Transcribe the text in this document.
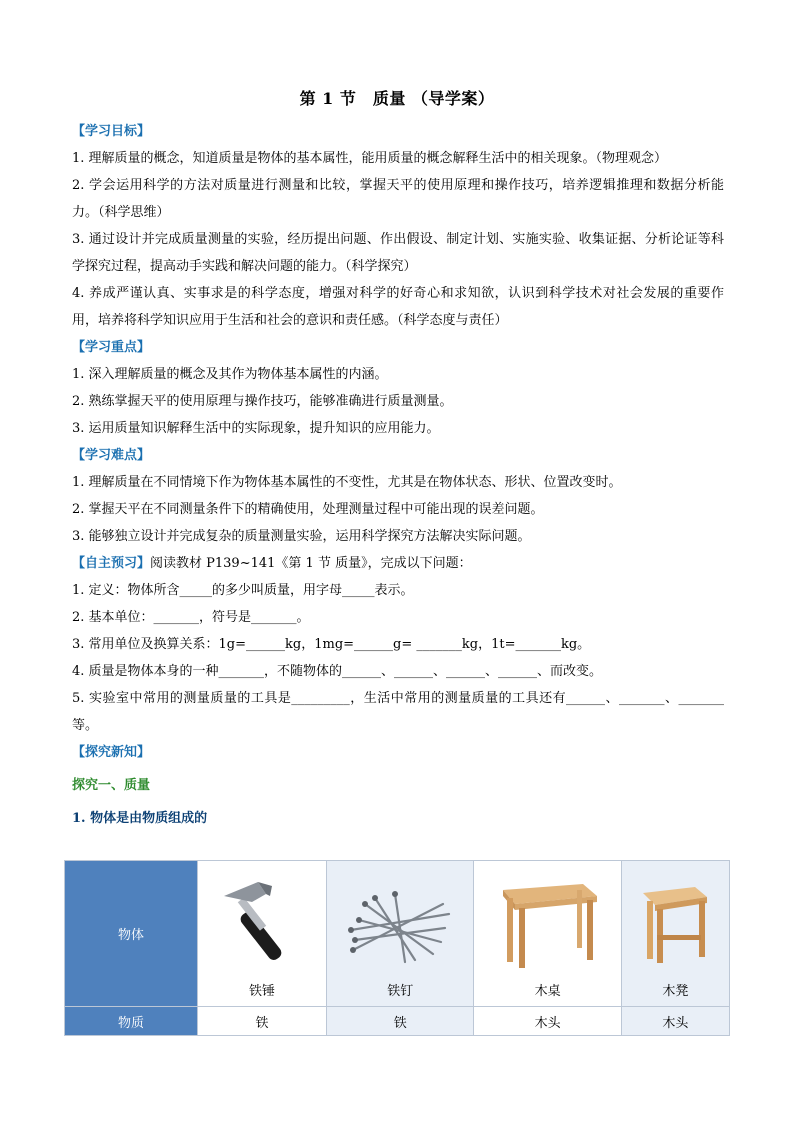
第 1 节　质量 （导学案）
【学习目标】
1. 理解质量的概念，知道质量是物体的基本属性，能用质量的概念解释生活中的相关现象。（物理观念）
2. 学会运用科学的方法对质量进行测量和比较，掌握天平的使用原理和操作技巧，培养逻辑推理和数据分析能力。（科学思维）
3. 通过设计并完成质量测量的实验，经历提出问题、作出假设、制定计划、实施实验、收集证据、分析论证等科学探究过程，提高动手实践和解决问题的能力。（科学探究）
4. 养成严谨认真、实事求是的科学态度，增强对科学的好奇心和求知欲，认识到科学技术对社会发展的重要作用，培养将科学知识应用于生活和社会的意识和责任感。（科学态度与责任）
【学习重点】
1. 深入理解质量的概念及其作为物体基本属性的内涵。
2. 熟练掌握天平的使用原理与操作技巧，能够准确进行质量测量。
3. 运用质量知识解释生活中的实际现象，提升知识的应用能力。
【学习难点】
1. 理解质量在不同情境下作为物体基本属性的不变性，尤其是在物体状态、形状、位置改变时。
2. 掌握天平在不同测量条件下的精确使用，处理测量过程中可能出现的误差问题。
3. 能够独立设计并完成复杂的质量测量实验，运用科学探究方法解决实际问题。
【自主预习】阅读教材 P139~141《第 1 节 质量》，完成以下问题：
1. 定义：物体所含_____的多少叫质量，用字母_____表示。
2. 基本单位：_______，符号是_______。
3. 常用单位及换算关系：1g=______kg，1mg=______g= _______kg，1t=_______kg。
4. 质量是物体本身的一种_______，不随物体的______、______、______、______、而改变。
5. 实验室中常用的测量质量的工具是_________，生活中常用的测量质量的工具还有______、_______、_______等。
【探究新知】
探究一、质量
1. 物体是由物质组成的
物体	铁锤	铁钉	木桌	木凳

物质	铁	铁	木头	木头
